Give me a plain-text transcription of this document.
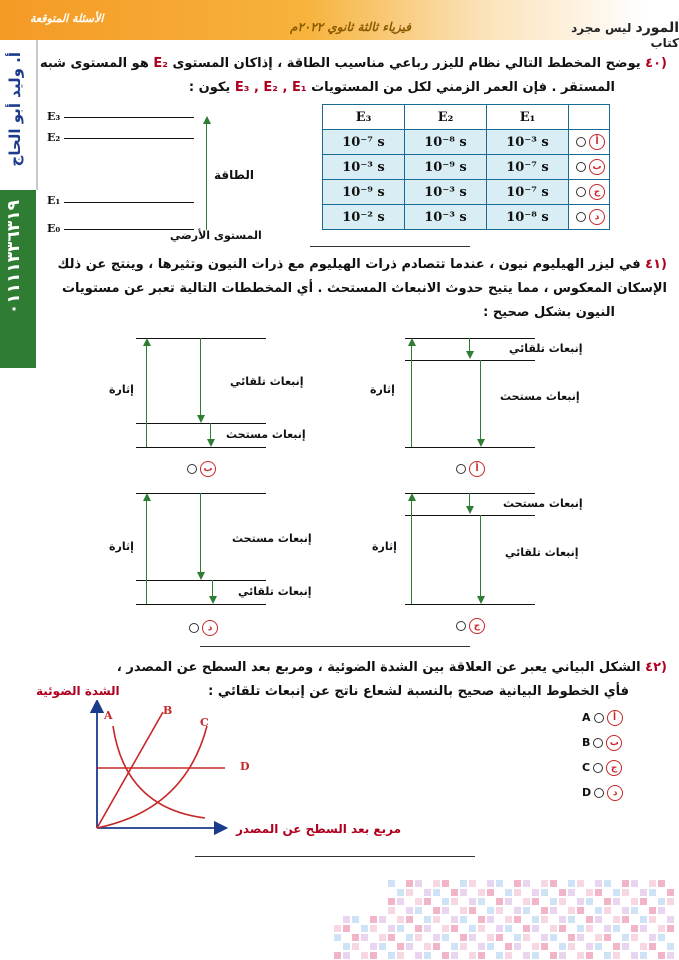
الأسئلة المتوقعة
فيزياء ثالثة ثانوي ٢٠٢٢م	المورد ليس مجرد كتاب
أ. وليد أبو الحاج
٠١١١١٣٣٦٣١٩
(٤٠ يوضح المخطط التالي نظام لليزر رباعي مناسيب الطاقة ، إذاكان المستوى E₂ هو المستوى شبه
المستقر . فإن العمر الزمني لكل من المستويات E₃ , E₂ , E₁ يكون :
E₃
E₂
E₁
E₀
الطاقة
المستوى الأرضي
E₃	E₂	E₁	
10⁻⁷ s	10⁻⁸ s	10⁻³ s	أ
10⁻³ s	10⁻⁹ s	10⁻⁷ s	ب
10⁻⁹ s	10⁻³ s	10⁻⁷ s	ج
10⁻² s	10⁻³ s	10⁻⁸ s	د
(٤١ في ليزر الهيليوم نيون ، عندما تتصادم ذرات الهيليوم مع ذرات النيون وتثيرها ، وينتج عن ذلك
الإسكان المعكوس ، مما يتيح حدوث الانبعاث المستحث . أي المخططات التالية تعبر عن مستويات
النيون بشكل صحيح :
إثارة
إنبعاث تلقائي
إنبعاث مستحث
ب
إثارة
إنبعاث تلقائي
إنبعاث مستحث
أ
إثارة
إنبعاث مستحث
إنبعاث تلقائي
د
إثارة
إنبعاث مستحث
إنبعاث تلقائي
ج
(٤٢ الشكل البياني يعبر عن العلاقة بين الشدة الضوئية ، ومربع بعد السطح عن المصدر ،
فأي الخطوط البيانية صحيح بالنسبة لشعاع ناتج عن إنبعاث تلقائي :
الشدة الضوئية
مربع بعد السطح عن المصدر
A	B
C
D
A أ
B ب
C ج
D د
